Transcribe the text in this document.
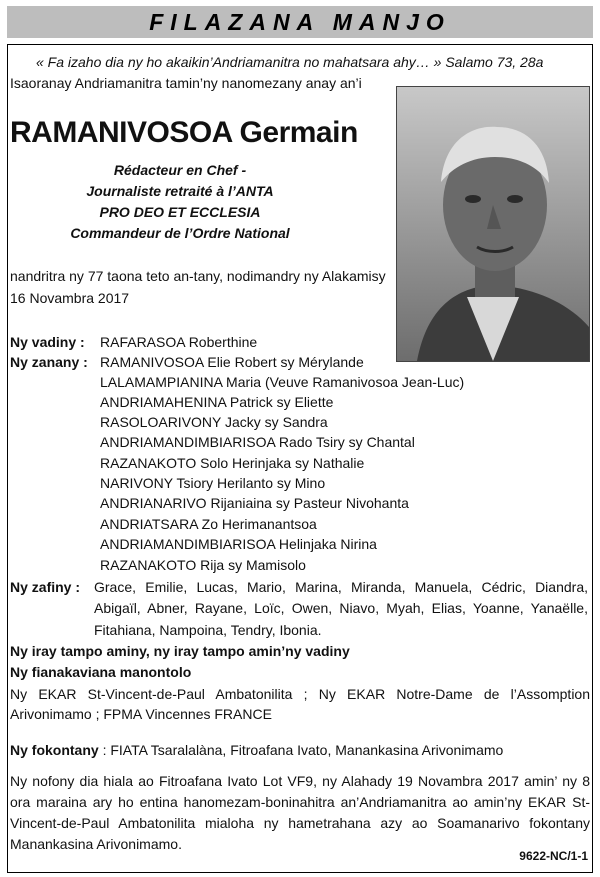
FILAZANA MANJO
« Fa izaho dia ny ho akaikin’Andriamanitra no mahatsara ahy… » Salamo 73, 28a
Isaoranay Andriamanitra tamin’ny nanomezany anay an’i
RAMANIVOSOA Germain
Rédacteur en Chef -
Journaliste retraité à l’ANTA
PRO DEO ET ECCLESIA
Commandeur de l’Ordre National
nandritra ny 77 taona teto an-tany, nodimandry ny Alakamisy
16 Novambra 2017
Ny vadiny : RAFARASOA Roberthine
Ny zanany : RAMANIVOSOA Elie Robert sy Mérylande
LALAMAMPIANINA Maria (Veuve Ramanivosoa Jean-Luc)
ANDRIAMAHENINA Patrick sy Eliette
RASOLOARIVONY Jacky sy Sandra
ANDRIAMANDIMBIARISOA Rado Tsiry sy Chantal
RAZANAKOTO Solo Herinjaka sy Nathalie
NARIVONY Tsiory Herilanto sy Mino
ANDRIANARIVO Rijaniaina sy Pasteur Nivohanta
ANDRIATSARA Zo Herimanantsoa
ANDRIAMANDIMBIARISOA Helinjaka Nirina
RAZANAKOTO Rija sy Mamisolo
Ny zafiny : Grace, Emilie, Lucas, Mario, Marina, Miranda, Manuela, Cédric, Diandra,
Abigaïl, Abner, Rayane, Loïc, Owen, Niavo, Myah, Elias, Yoanne, Yanaëlle,
Fitahiana, Nampoina, Tendry, Ibonia.
Ny iray tampo aminy, ny iray tampo amin’ny vadiny
Ny fianakaviana manontolo
Ny EKAR St-Vincent-de-Paul Ambatonilita ; Ny EKAR Notre-Dame de l’Assomption Arivonimamo ; FPMA Vincennes FRANCE
Ny fokontany : FIATA Tsaralalàna, Fitroafana Ivato, Manankasina Arivonimamo
Ny nofony dia hiala ao Fitroafana Ivato Lot VF9, ny Alahady 19 Novambra 2017 amin’ ny 8 ora maraina ary ho entina hanomezam-boninahitra an’Andriamanitra ao amin’ny EKAR St-Vincent-de-Paul Ambatonilita mialoha ny hametrahana azy ao Soamanarivo fokontany Manankasina Arivonimamo.
9622-NC/1-1
